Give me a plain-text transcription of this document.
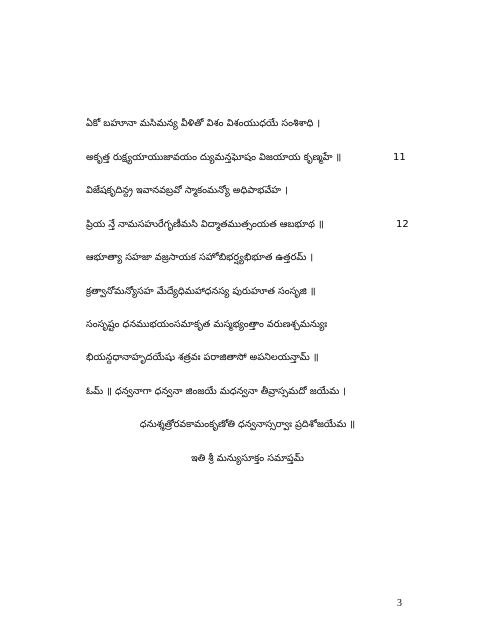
ఏకో బహూనా మసిమన్య వీళితో విశం విశంయుధయే సంశిశాధి ।
అకృత్త రుక్ష్యయాయుజావయం ద్యుమన్తఘోషం విజయాయ కృణ్మహే ॥	11
విజేషకృదిన్ద్ర ఇవానవబ్రవో స్మాకంమన్యో అధిపాభవేహ ।
ప్రియ న్తే నామసహురేగృణీమసి విద్మాతముత్సంయత ఆబభూథ ॥	12
ఆభూత్యా సహజా వజ్రసాయక సహోబిభర్ష్యభిభూత ఉత్తరమ్ ।
క్రత్వానోమన్యోసహ మేద్యేధిమహాధనస్య పురుహూత సంసృజి ॥
సంసృష్టం ధనముభయంసమాకృత మస్మభ్యంత్తాం వరుణశ్చమన్యుః
భియన్దధానాహృదయేషు శత్రవః పరాజితాసో అపనిలయన్తామ్ ॥
ఓమ్ ॥ ధన్వనాగా ధన్వనా జింజయే మధన్వనా తీవ్రాస్సమదో జయేమ ।
ధనుశ్శత్రోరవకామంకృణోతి ధన్వనాస్సర్వాః ప్రదిశోజయేమ ॥
ఇతి శ్రీ మన్యుసూక్తం సమాప్తమ్
3
